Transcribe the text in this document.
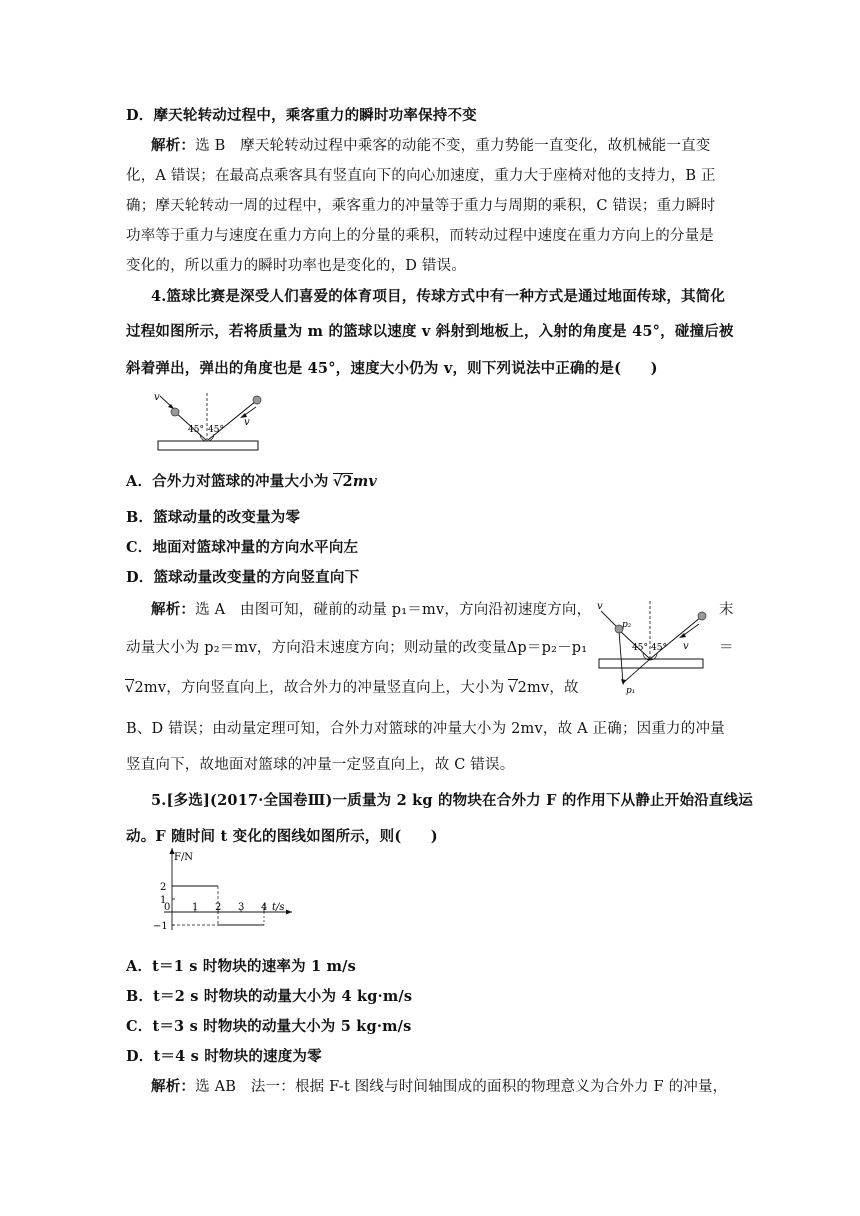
D．摩天轮转动过程中，乘客重力的瞬时功率保持不变
解析：选 B　摩天轮转动过程中乘客的动能不变，重力势能一直变化，故机械能一直变
化，A 错误；在最高点乘客具有竖直向下的向心加速度，重力大于座椅对他的支持力，B 正
确；摩天轮转动一周的过程中，乘客重力的冲量等于重力与周期的乘积，C 错误；重力瞬时
功率等于重力与速度在重力方向上的分量的乘积，而转动过程中速度在重力方向上的分量是
变化的，所以重力的瞬时功率也是变化的，D 错误。
4.篮球比赛是深受人们喜爱的体育项目，传球方式中有一种方式是通过地面传球，其简化
过程如图所示，若将质量为 m 的篮球以速度 v 斜射到地板上，入射的角度是 45°，碰撞后被
斜着弹出，弹出的角度也是 45°，速度大小仍为 v，则下列说法中正确的是(　　)
v
v
45° 45°
A．合外力对篮球的冲量大小为 √2mv
B．篮球动量的改变量为零
C．地面对篮球冲量的方向水平向左
D．篮球动量改变量的方向竖直向下
解析：选 A　由图可知，碰前的动量 p₁＝mv，方向沿初速度方向，	末
动量大小为 p₂＝mv，方向沿末速度方向；则动量的改变量Δp＝p₂－p₁	＝
√2mv，方向竖直向上，故合外力的冲量竖直向上，大小为 √2mv，故
v
v
p₂
p₁
45° 45°
B、D 错误；由动量定理可知，合外力对篮球的冲量大小为 2mv，故 A 正确；因重力的冲量
竖直向下，故地面对篮球的冲量一定竖直向上，故 C 错误。
5.[多选](2017·全国卷Ⅲ)一质量为 2 kg 的物块在合外力 F 的作用下从静止开始沿直线运
动。F 随时间 t 变化的图线如图所示，则(　　)
F/N
t/s
0 1 2 3 4
2
1
−1
A．t＝1 s 时物块的速率为 1 m/s
B．t＝2 s 时物块的动量大小为 4 kg·m/s
C．t＝3 s 时物块的动量大小为 5 kg·m/s
D．t＝4 s 时物块的速度为零
解析：选 AB　法一：根据 F-t 图线与时间轴围成的面积的物理意义为合外力 F 的冲量，
